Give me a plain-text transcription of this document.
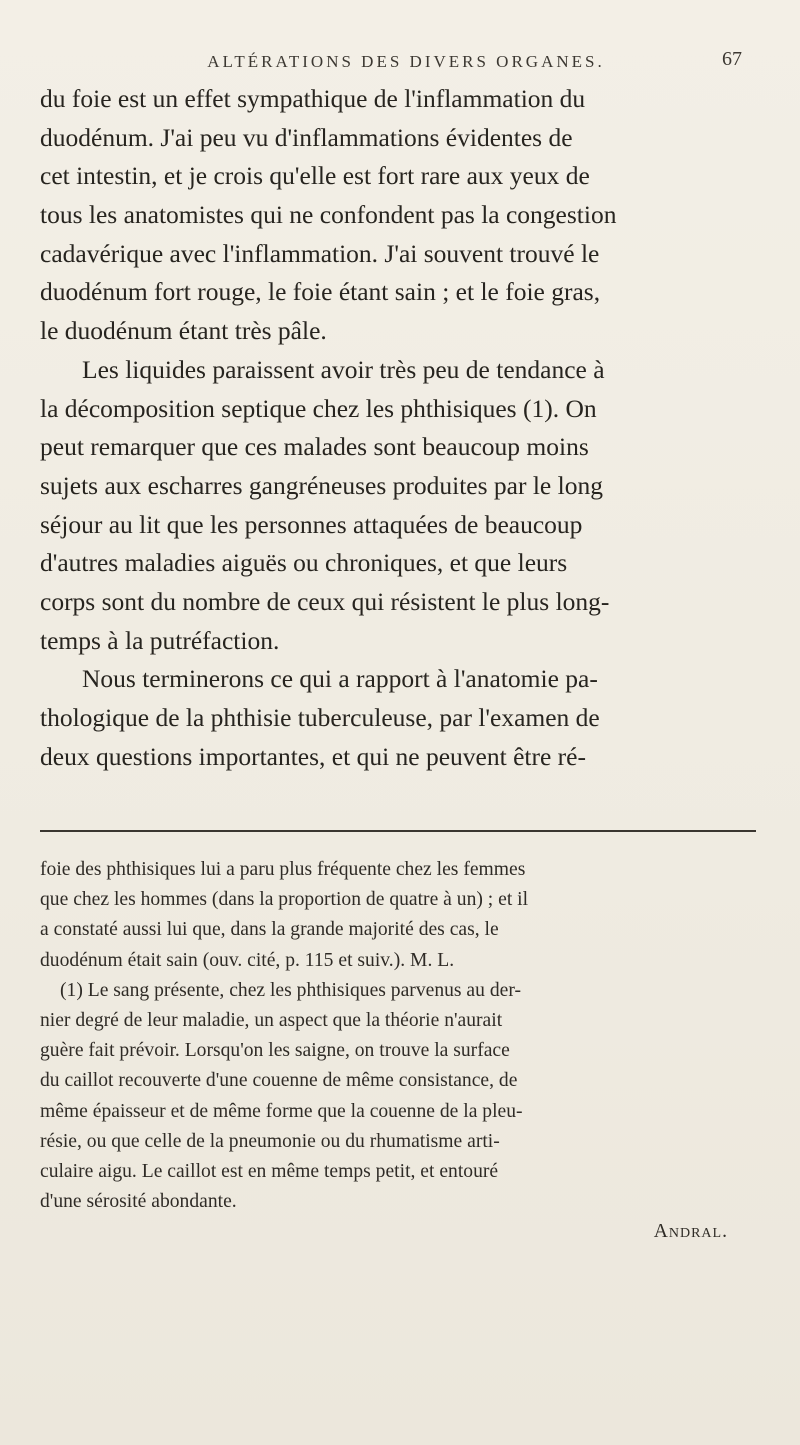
ALTÉRATIONS DES DIVERS ORGANES.	67
du foie est un effet sympathique de l'inflammation du
duodénum. J'ai peu vu d'inflammations évidentes de
cet intestin, et je crois qu'elle est fort rare aux yeux de
tous les anatomistes qui ne confondent pas la congestion
cadavérique avec l'inflammation. J'ai souvent trouvé le
duodénum fort rouge, le foie étant sain ; et le foie gras,
le duodénum étant très pâle.
Les liquides paraissent avoir très peu de tendance à
la décomposition septique chez les phthisiques (1). On
peut remarquer que ces malades sont beaucoup moins
sujets aux escharres gangréneuses produites par le long
séjour au lit que les personnes attaquées de beaucoup
d'autres maladies aiguës ou chroniques, et que leurs
corps sont du nombre de ceux qui résistent le plus long-
temps à la putréfaction.
Nous terminerons ce qui a rapport à l'anatomie pa-
thologique de la phthisie tuberculeuse, par l'examen de
deux questions importantes, et qui ne peuvent être ré-
foie des phthisiques lui a paru plus fréquente chez les femmes
que chez les hommes (dans la proportion de quatre à un) ; et il
a constaté aussi lui que, dans la grande majorité des cas, le
duodénum était sain (ouv. cité, p. 115 et suiv.). M. L.
(1) Le sang présente, chez les phthisiques parvenus au der-
nier degré de leur maladie, un aspect que la théorie n'aurait
guère fait prévoir. Lorsqu'on les saigne, on trouve la surface
du caillot recouverte d'une couenne de même consistance, de
même épaisseur et de même forme que la couenne de la pleu-
résie, ou que celle de la pneumonie ou du rhumatisme arti-
culaire aigu. Le caillot est en même temps petit, et entouré
d'une sérosité abondante.
Andral.
